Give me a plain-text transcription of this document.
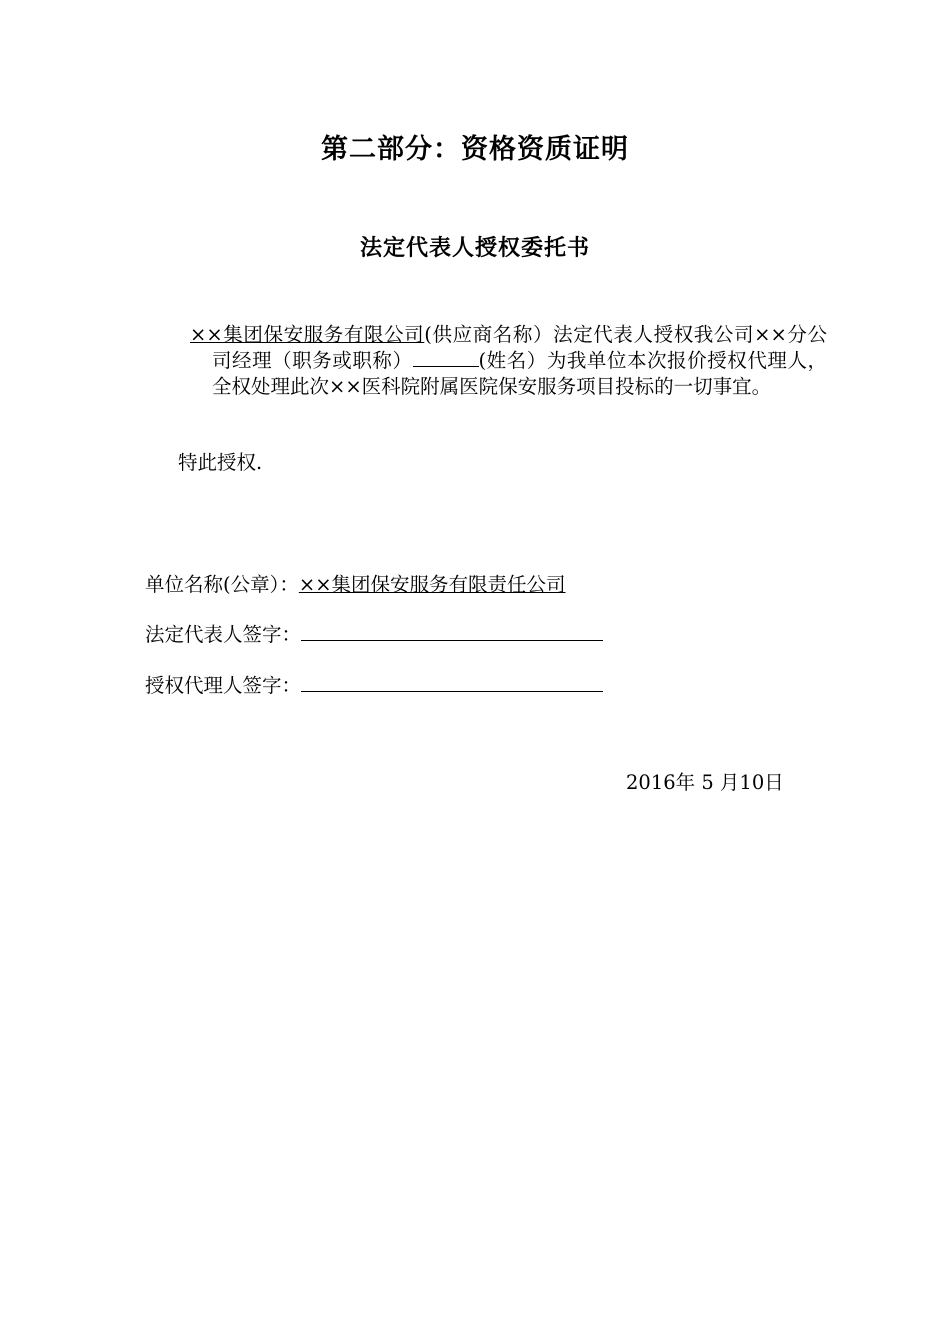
第二部分：资格资质证明
法定代表人授权委托书
××集团保安服务有限公司(供应商名称）法定代表人授权我公司××分公司经理（职务或职称）	(姓名）为我单位本次报价授权代理人，全权处理此次××医科院附属医院保安服务项目投标的一切事宜。
特此授权.
单位名称(公章）：××集团保安服务有限责任公司
法定代表人签字：
授权代理人签字：
2016年 5 月10日
